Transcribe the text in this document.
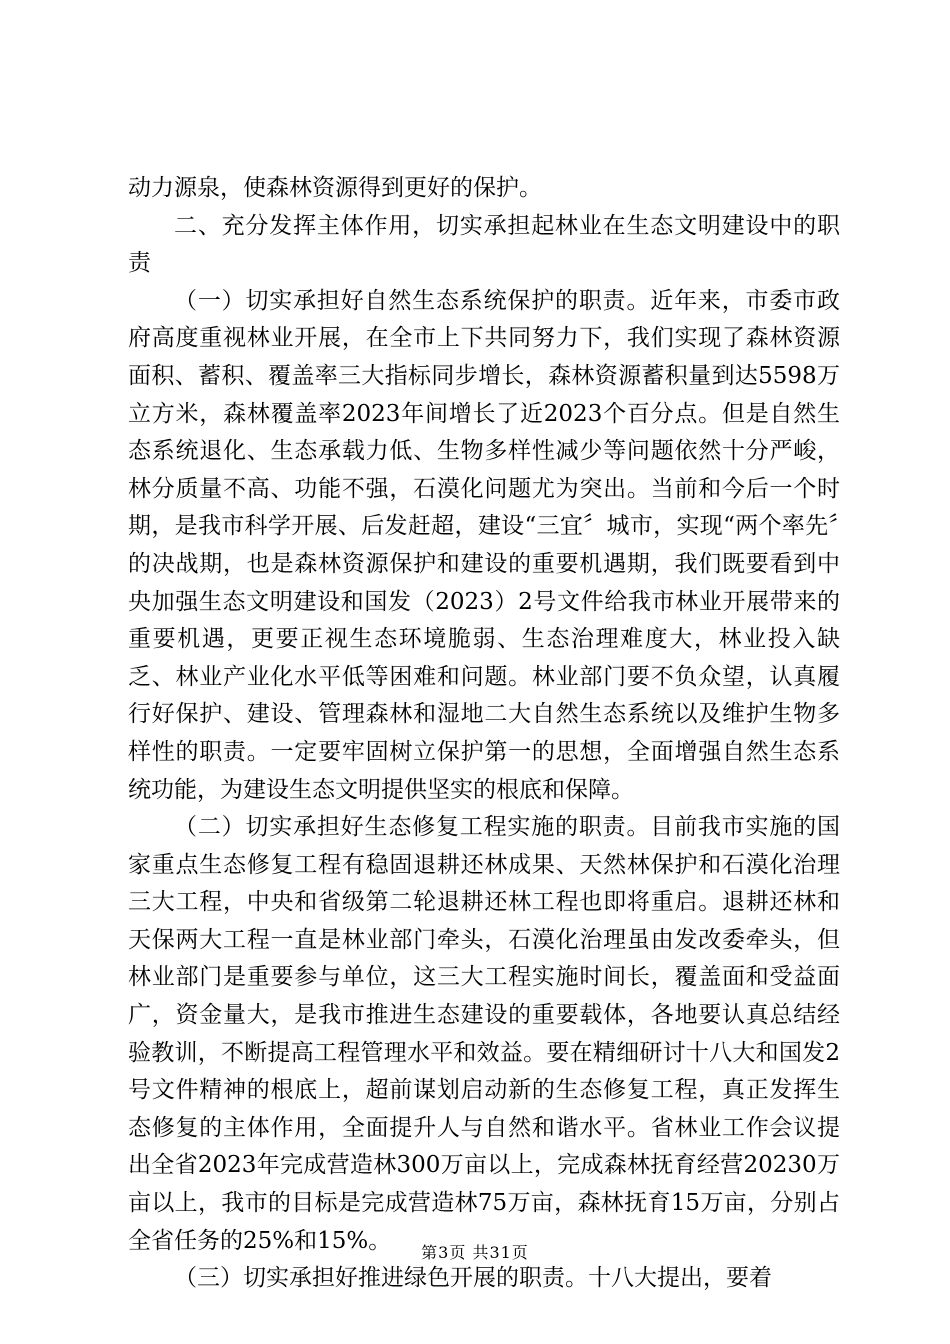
动力源泉，使森林资源得到更好的保护。

二、充分发挥主体作用，切实承担起林业在生态文明建设中的职责

（一）切实承担好自然生态系统保护的职责。近年来，市委市政府高度重视林业开展，在全市上下共同努力下，我们实现了森林资源面积、蓄积、覆盖率三大指标同步增长，森林资源蓄积量到达5598万立方米，森林覆盖率2023年间增长了近2023个百分点。但是自然生态系统退化、生态承载力低、生物多样性减少等问题依然十分严峻，林分质量不高、功能不强，石漠化问题尤为突出。当前和今后一个时期，是我市科学开展、后发赶超，建设“三宜〞城市，实现“两个率先〞的决战期，也是森林资源保护和建设的重要机遇期，我们既要看到中央加强生态文明建设和国发（2023）2号文件给我市林业开展带来的重要机遇，更要正视生态环境脆弱、生态治理难度大，林业投入缺乏、林业产业化水平低等困难和问题。林业部门要不负众望，认真履行好保护、建设、管理森林和湿地二大自然生态系统以及维护生物多样性的职责。一定要牢固树立保护第一的思想，全面增强自然生态系统功能，为建设生态文明提供坚实的根底和保障。

（二）切实承担好生态修复工程实施的职责。目前我市实施的国家重点生态修复工程有稳固退耕还林成果、天然林保护和石漠化治理三大工程，中央和省级第二轮退耕还林工程也即将重启。退耕还林和天保两大工程一直是林业部门牵头，石漠化治理虽由发改委牵头，但林业部门是重要参与单位，这三大工程实施时间长，覆盖面和受益面广，资金量大，是我市推进生态建设的重要载体，各地要认真总结经验教训，不断提高工程管理水平和效益。要在精细研讨十八大和国发2号文件精神的根底上，超前谋划启动新的生态修复工程，真正发挥生态修复的主体作用，全面提升人与自然和谐水平。省林业工作会议提出全省2023年完成营造林300万亩以上，完成森林抚育经营20230万亩以上，我市的目标是完成营造林75万亩，森林抚育15万亩，分别占全省任务的25%和15%。

（三）切实承担好推进绿色开展的职责。十八大提出，要着

第3页 共31页
